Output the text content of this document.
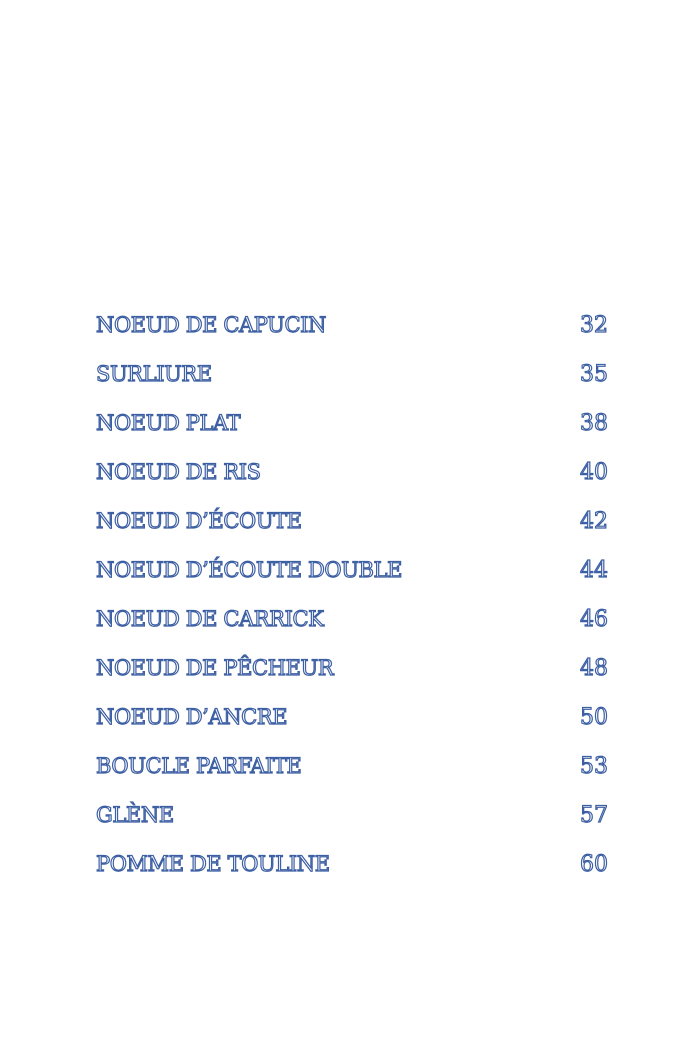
NOEUD DE CAPUCIN	32
SURLIURE	35
NOEUD PLAT	38
NOEUD DE RIS	40
NOEUD D’ÉCOUTE	42
NOEUD D’ÉCOUTE DOUBLE	44
NOEUD DE CARRICK	46
NOEUD DE PÊCHEUR	48
NOEUD D’ANCRE	50
BOUCLE PARFAITE	53
GLÈNE	57
POMME DE TOULINE	60
